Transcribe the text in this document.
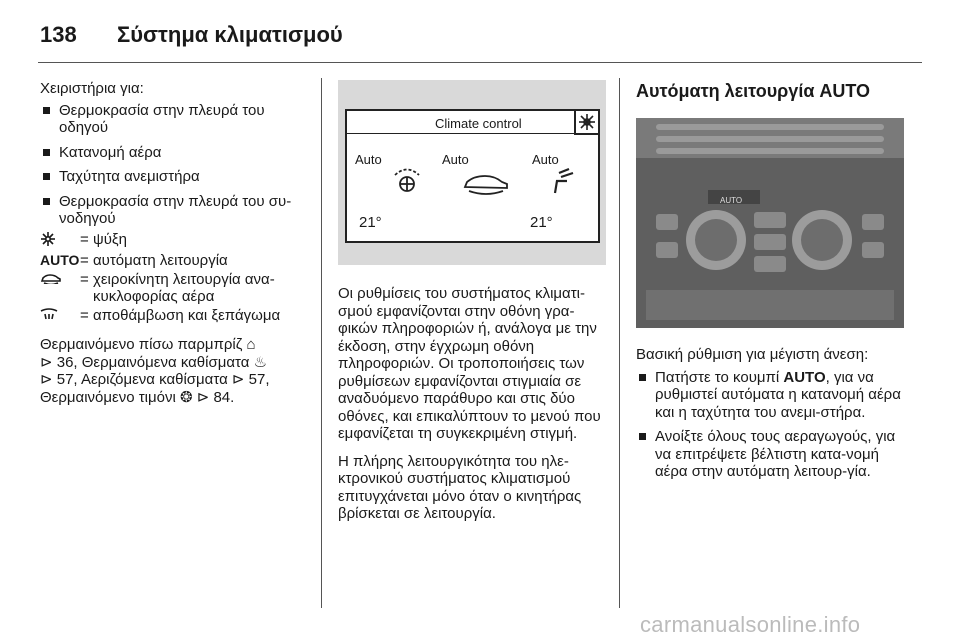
138 Σύστημα κλιματισμού

Χειριστήρια για:

Θερμοκρασία στην πλευρά του οδηγού
Κατανομή αέρα
Ταχύτητα ανεμιστήρα
Θερμοκρασία στην πλευρά του συ-νοδηγού
= ψύξη
AUTO = αυτόματη λειτουργία
= χειροκίνητη λειτουργία ανα-κυκλοφορίας αέρα
= αποθάμβωση και ξεπάγωμα

Θερμαινόμενο πίσω παρμπρίζ ⌂
⊳ 36, Θερμαινόμενα καθίσματα ♨
⊳ 57, Αεριζόμενα καθίσματα ⊳ 57,
Θερμαινόμενο τιμόνι ❂ ⊳ 84.

Climate control
Auto	Auto	Auto
21°	21°

Οι ρυθμίσεις του συστήματος κλιματι-σμού εμφανίζονται στην οθόνη γρα-φικών πληροφοριών ή, ανάλογα με την έκδοση, στην έγχρωμη οθόνη πληροφοριών. Οι τροποποιήσεις των ρυθμίσεων εμφανίζονται στιγμιαία σε αναδυόμενο παράθυρο και στις δύο οθόνες, και επικαλύπτουν το μενού που εμφανίζεται τη συγκεκριμένη στιγμή.

Η πλήρης λειτουργικότητα του ηλε-κτρονικού συστήματος κλιματισμού επιτυγχάνεται μόνο όταν ο κινητήρας βρίσκεται σε λειτουργία.

Αυτόματη λειτουργία AUTO
AUTO

Βασική ρύθμιση για μέγιστη άνεση:

Πατήστε το κουμπί AUTO, για να ρυθμιστεί αυτόματα η κατανομή αέρα και η ταχύτητα του ανεμι-στήρα.
Ανοίξτε όλους τους αεραγωγούς, για να επιτρέψετε βέλτιστη κατα-νομή αέρα στην αυτόματη λειτουρ-γία.
carmanualsonline.info
